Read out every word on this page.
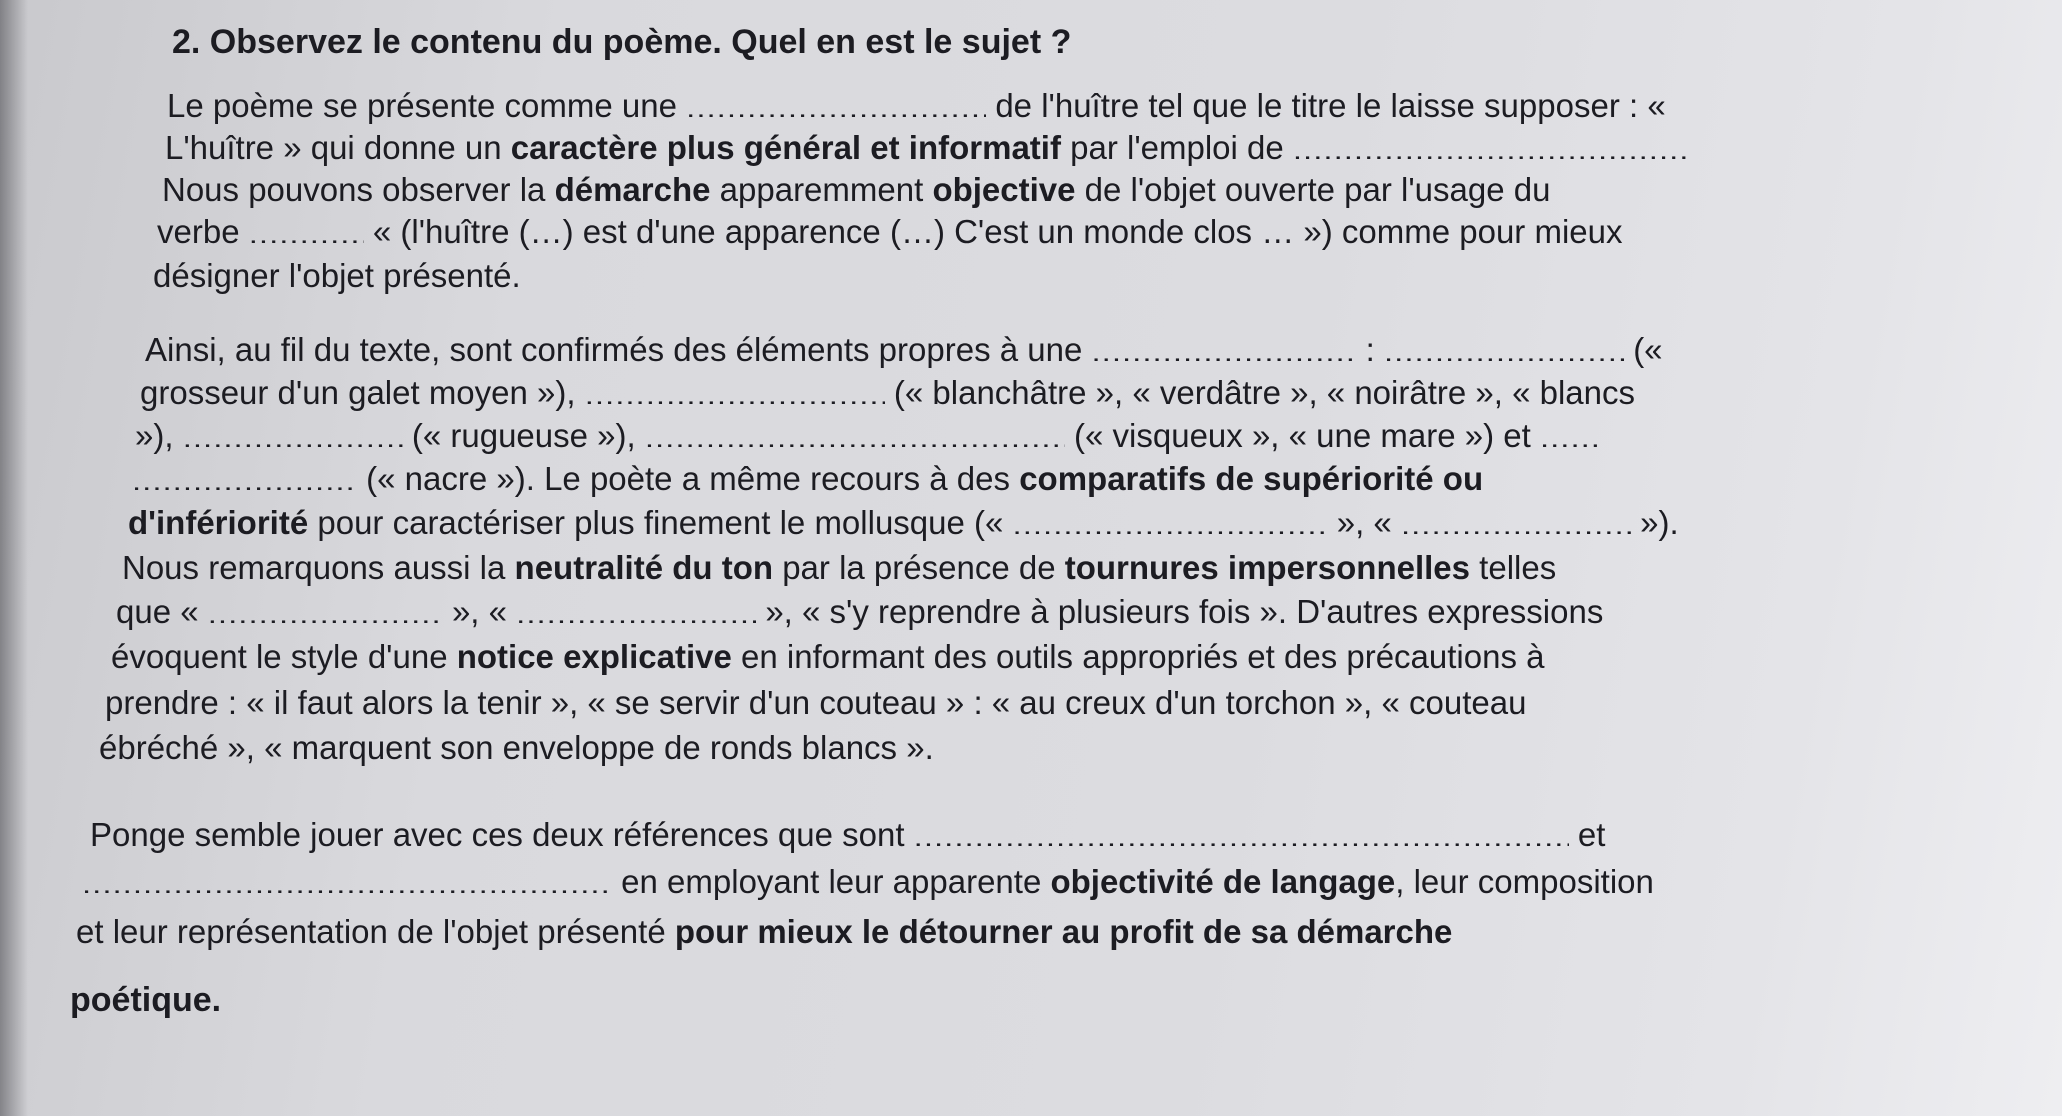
2. Observez le contenu du poème. Quel en est le sujet ?
Le poème se présente comme une .....	de l'huître tel que le titre le laisse supposer : «
L'huître » qui donne un caractère plus général et informatif par l'emploi de .....
Nous pouvons observer la démarche apparemment objective de l'objet ouverte par l'usage du
verbe .....	« (l'huître (…) est d'une apparence (…) C'est un monde clos … ») comme pour mieux
désigner l'objet présenté.
Ainsi, au fil du texte, sont confirmés des éléments propres à une .....	: .....	(«
grosseur d'un galet moyen »), .....	(« blanchâtre », « verdâtre », « noirâtre », « blancs
»), .....	(« rugueuse »), .....	(« visqueux », « une mare ») et .....
..... (« nacre »). Le poète a même recours à des comparatifs de supériorité ou
d'infériorité pour caractériser plus finement le mollusque (« .....	», « .....	»).
Nous remarquons aussi la neutralité du ton par la présence de tournures impersonnelles telles
que « .....	», « .....	», « s'y reprendre à plusieurs fois ». D'autres expressions
évoquent le style d'une notice explicative en informant des outils appropriés et des précautions à
prendre : « il faut alors la tenir », « se servir d'un couteau » : « au creux d'un torchon », « couteau
ébréché », « marquent son enveloppe de ronds blancs ».
Ponge semble jouer avec ces deux références que sont .....	et
..... en employant leur apparente objectivité de langage, leur composition
et leur représentation de l'objet présenté pour mieux le détourner au profit de sa démarche
poétique.
